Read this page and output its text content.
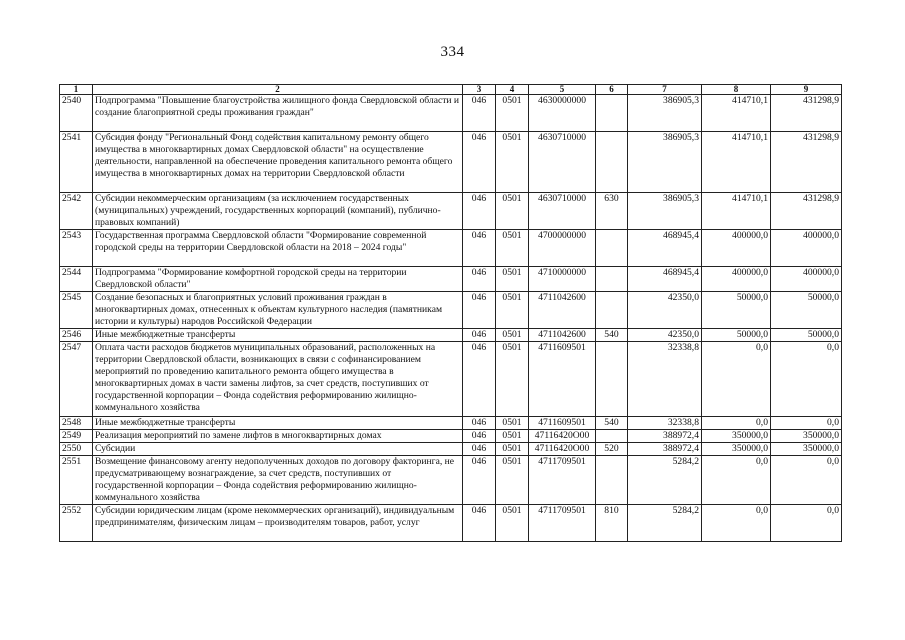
334
1	2	3	4	5	6	7	8	9
2540	Подпрограмма "Повышение благоустройства жилищного фонда Свердловской области и создание благоприятной среды проживания граждан"	046	0501	4630000000		386905,3	414710,1	431298,9
2541	Субсидия фонду "Региональный Фонд содействия капитальному ремонту общего имущества в многоквартирных домах Свердловской области" на осуществление деятельности, направленной на обеспечение проведения капитального ремонта общего имущества в многоквартирных домах на территории Свердловской области	046	0501	4630710000		386905,3	414710,1	431298,9
2542	Субсидии некоммерческим организациям (за исключением государственных (муниципальных) учреждений, государственных корпораций (компаний), публично-правовых компаний)	046	0501	4630710000	630	386905,3	414710,1	431298,9
2543	Государственная программа Свердловской области "Формирование современной городской среды на территории Свердловской области на 2018 – 2024 годы"	046	0501	4700000000		468945,4	400000,0	400000,0
2544	Подпрограмма "Формирование комфортной городской среды на территории Свердловской области"	046	0501	4710000000		468945,4	400000,0	400000,0
2545	Создание безопасных и благоприятных условий проживания граждан в многоквартирных домах, отнесенных к объектам культурного наследия (памятникам истории и культуры) народов Российской Федерации	046	0501	4711042600		42350,0	50000,0	50000,0
2546	Иные межбюджетные трансферты	046	0501	4711042600	540	42350,0	50000,0	50000,0
2547	Оплата части расходов бюджетов муниципальных образований, расположенных на территории Свердловской области, возникающих в связи с софинансированием мероприятий по проведению капитального ремонта общего имущества в многоквартирных домах в части замены лифтов, за счет средств, поступивших от государственной корпорации – Фонда содействия реформированию жилищно-коммунального хозяйства	046	0501	4711609501		32338,8	0,0	0,0
2548	Иные межбюджетные трансферты	046	0501	4711609501	540	32338,8	0,0	0,0
2549	Реализация мероприятий по замене лифтов в многоквартирных домах	046	0501	47116420О00		388972,4	350000,0	350000,0
2550	Субсидии	046	0501	47116420О00	520	388972,4	350000,0	350000,0
2551	Возмещение финансовому агенту недополученных доходов по договору факторинга, не предусматривающему вознаграждение, за счет средств, поступивших от государственной корпорации – Фонда содействия реформированию жилищно-коммунального хозяйства	046	0501	4711709501		5284,2	0,0	0,0
2552	Субсидии юридическим лицам (кроме некоммерческих организаций), индивидуальным предпринимателям, физическим лицам – производителям товаров, работ, услуг	046	0501	4711709501	810	5284,2	0,0	0,0
